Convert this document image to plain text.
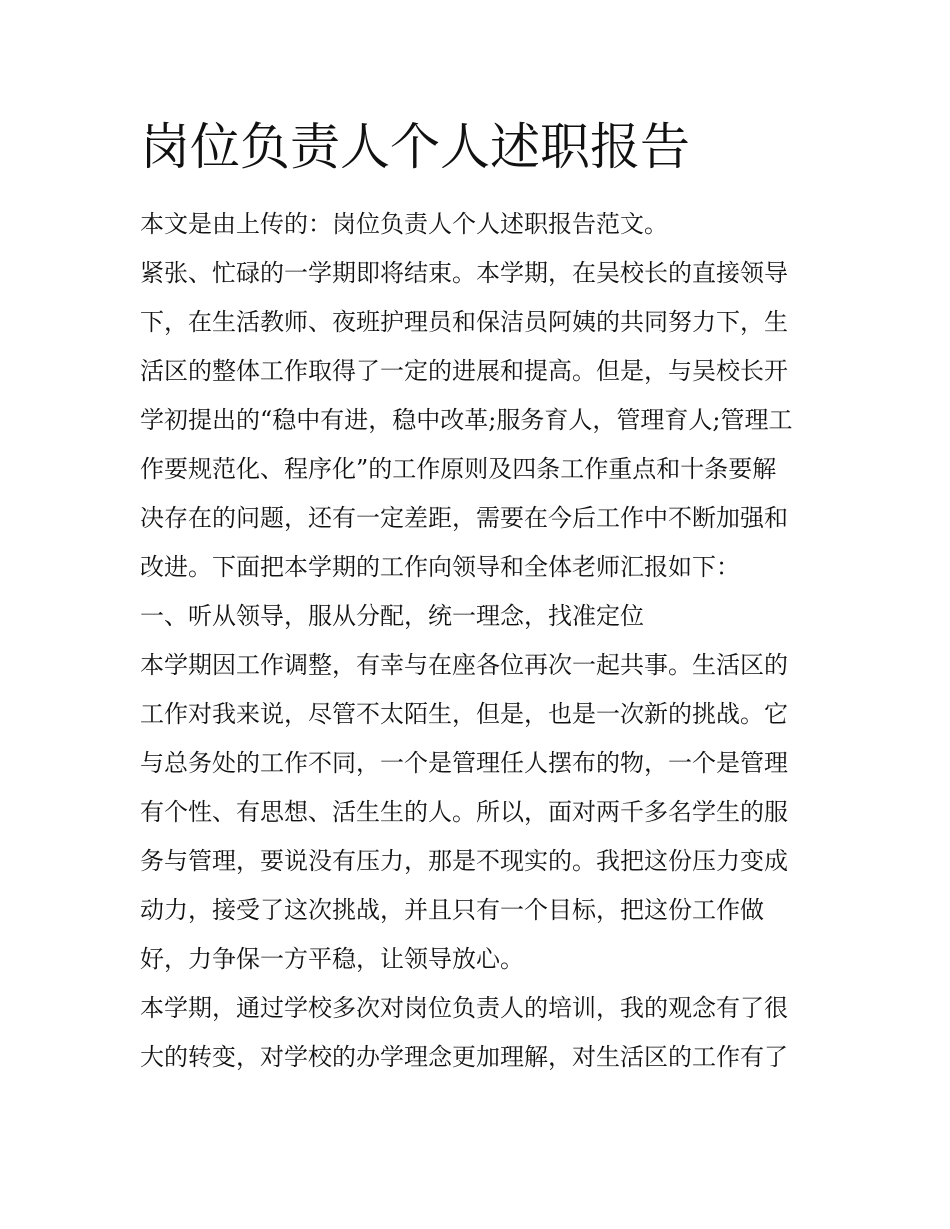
岗位负责人个人述职报告
本文是由上传的：岗位负责人个人述职报告范文。
紧张、忙碌的一学期即将结束。本学期，在吴校长的直接领导
下，在生活教师、夜班护理员和保洁员阿姨的共同努力下，生
活区的整体工作取得了一定的进展和提高。但是，与吴校长开
学初提出的“稳中有进，稳中改革;服务育人，管理育人;管理工
作要规范化、程序化”的工作原则及四条工作重点和十条要解
决存在的问题，还有一定差距，需要在今后工作中不断加强和
改进。下面把本学期的工作向领导和全体老师汇报如下：
一、听从领导，服从分配，统一理念，找准定位
本学期因工作调整，有幸与在座各位再次一起共事。生活区的
工作对我来说，尽管不太陌生，但是，也是一次新的挑战。它
与总务处的工作不同，一个是管理任人摆布的物，一个是管理
有个性、有思想、活生生的人。所以，面对两千多名学生的服
务与管理，要说没有压力，那是不现实的。我把这份压力变成
动力，接受了这次挑战，并且只有一个目标，把这份工作做
好，力争保一方平稳，让领导放心。
本学期，通过学校多次对岗位负责人的培训，我的观念有了很
大的转变，对学校的办学理念更加理解，对生活区的工作有了
